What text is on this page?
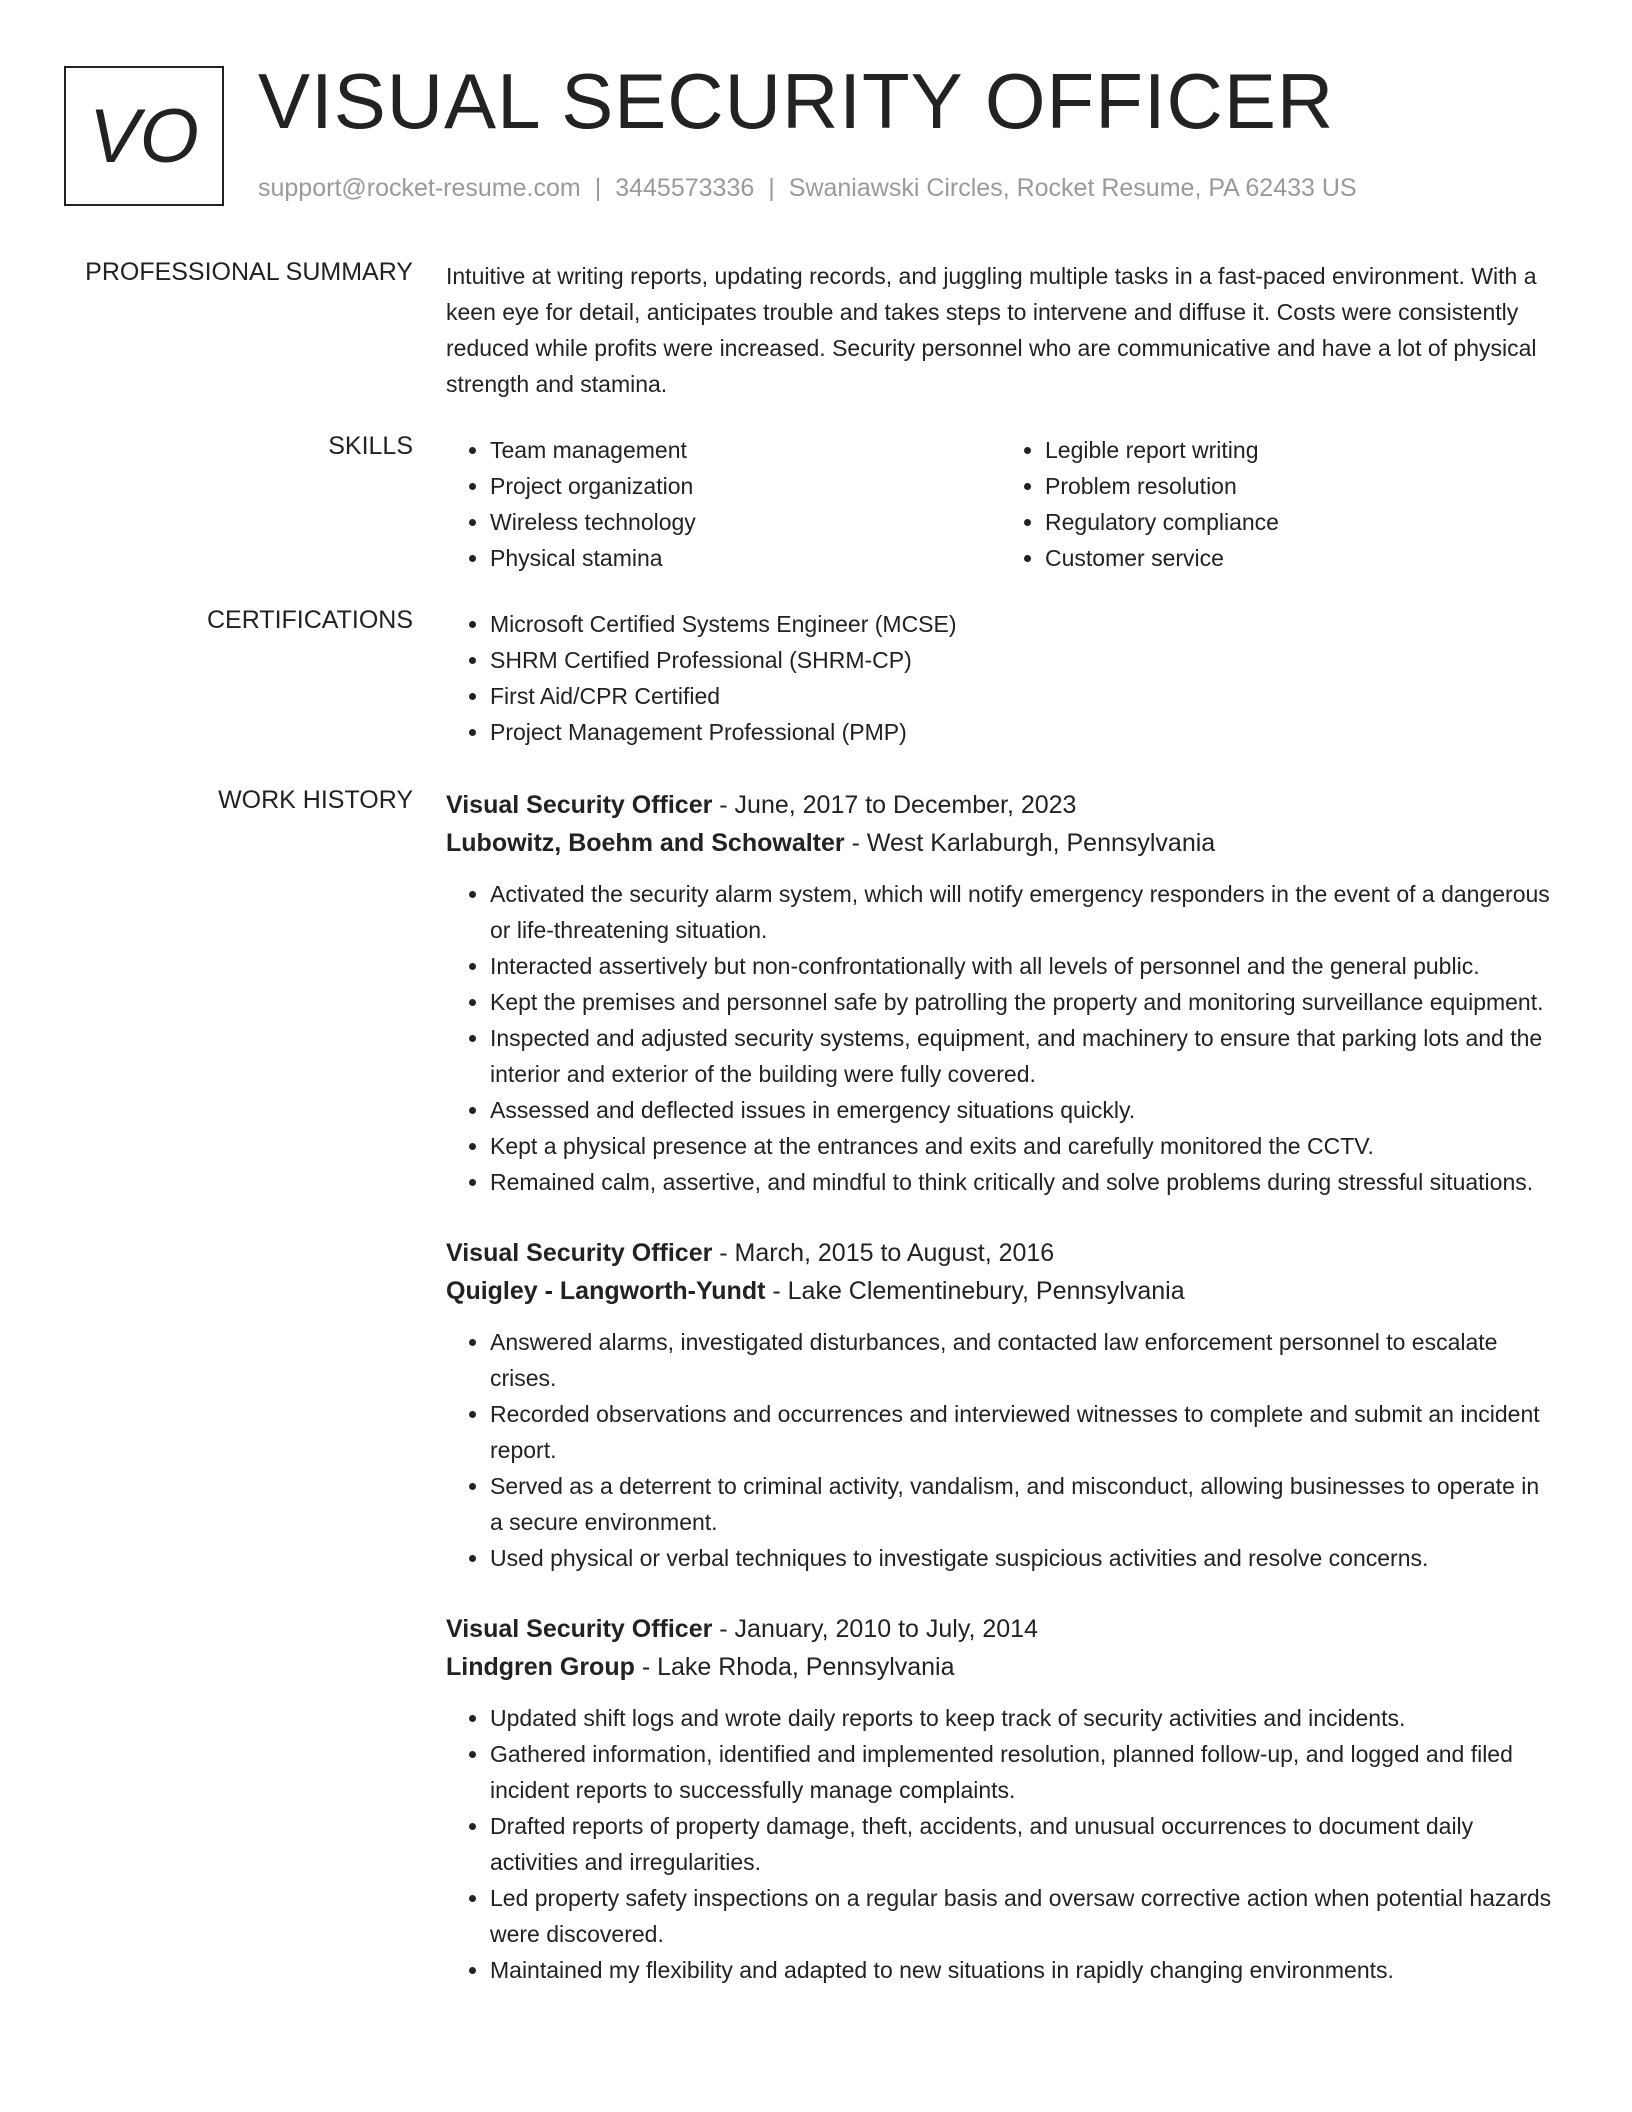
VO VISUAL SECURITY OFFICER
support@rocket-resume.com | 3445573336 | Swaniawski Circles, Rocket Resume, PA 62433 US
PROFESSIONAL SUMMARY Intuitive at writing reports, updating records, and juggling multiple tasks in a fast-paced environment. With a keen eye for detail, anticipates trouble and takes steps to intervene and diffuse it. Costs were consistently reduced while profits were increased. Security personnel who are communicative and have a lot of physical strength and stamina.
SKILLS	• Team management
• Project organization
• Wireless technology
• Physical stamina
• Legible report writing
• Problem resolution
• Regulatory compliance
• Customer service
CERTIFICATIONS	• Microsoft Certified Systems Engineer (MCSE)
• SHRM Certified Professional (SHRM-CP)
• First Aid/CPR Certified
• Project Management Professional (PMP)
WORK HISTORY Visual Security Officer - June, 2017 to December, 2023
Lubowitz, Boehm and Schowalter - West Karlaburgh, Pennsylvania
• Activated the security alarm system, which will notify emergency responders in the event of a dangerous or life-threatening situation.
• Interacted assertively but non-confrontationally with all levels of personnel and the general public.
• Kept the premises and personnel safe by patrolling the property and monitoring surveillance equipment.
• Inspected and adjusted security systems, equipment, and machinery to ensure that parking lots and the interior and exterior of the building were fully covered.
• Assessed and deflected issues in emergency situations quickly.
• Kept a physical presence at the entrances and exits and carefully monitored the CCTV.
• Remained calm, assertive, and mindful to think critically and solve problems during stressful situations.
Visual Security Officer - March, 2015 to August, 2016
Quigley - Langworth-Yundt - Lake Clementinebury, Pennsylvania
• Answered alarms, investigated disturbances, and contacted law enforcement personnel to escalate crises.
• Recorded observations and occurrences and interviewed witnesses to complete and submit an incident report.
• Served as a deterrent to criminal activity, vandalism, and misconduct, allowing businesses to operate in a secure environment.
• Used physical or verbal techniques to investigate suspicious activities and resolve concerns.
Visual Security Officer - January, 2010 to July, 2014
Lindgren Group - Lake Rhoda, Pennsylvania
• Updated shift logs and wrote daily reports to keep track of security activities and incidents.
• Gathered information, identified and implemented resolution, planned follow-up, and logged and filed incident reports to successfully manage complaints.
• Drafted reports of property damage, theft, accidents, and unusual occurrences to document daily activities and irregularities.
• Led property safety inspections on a regular basis and oversaw corrective action when potential hazards were discovered.
• Maintained my flexibility and adapted to new situations in rapidly changing environments.
